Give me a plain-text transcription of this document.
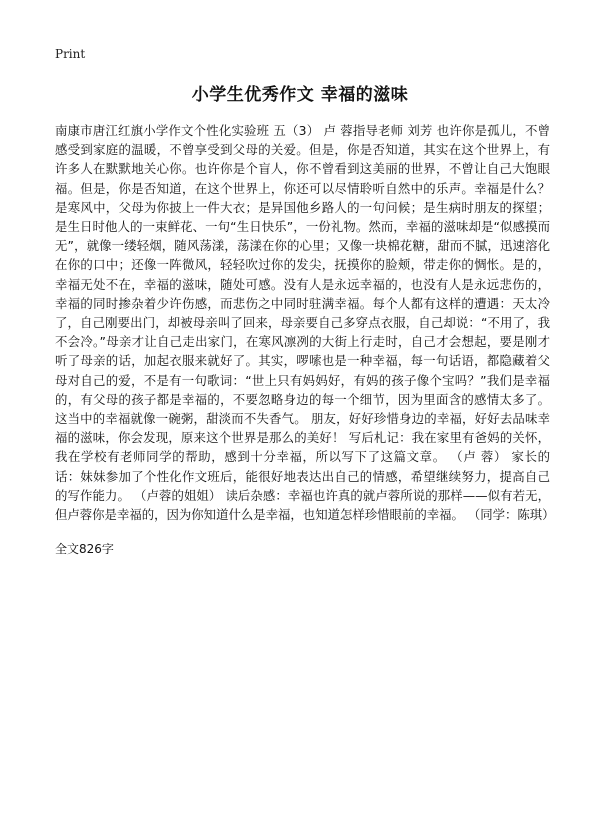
Print
小学生优秀作文 幸福的滋味

南康市唐江红旗小学作文个性化实验班 五（3） 卢 蓉指导老师 刘芳 也许你是孤儿，不曾感受到家庭的温暖，不曾享受到父母的关爱。但是，你是否知道，其实在这个世界上，有许多人在默默地关心你。也许你是个盲人，你不曾看到这美丽的世界，不曾让自己大饱眼福。但是，你是否知道，在这个世界上，你还可以尽情聆听自然中的乐声。幸福是什么？是寒风中，父母为你披上一件大衣；是异国他乡路人的一句问候；是生病时朋友的探望；是生日时他人的一束鲜花、一句“生日快乐”，一份礼物。然而，幸福的滋味却是“似感摸而无”，就像一缕轻烟，随风荡漾，荡漾在你的心里；又像一块棉花糖，甜而不腻，迅速溶化在你的口中；还像一阵微风，轻轻吹过你的发尖，抚摸你的脸颊，带走你的惆怅。是的，幸福无处不在，幸福的滋味，随处可感。没有人是永远幸福的，也没有人是永远悲伤的，幸福的同时掺杂着少许伤感，而悲伤之中同时驻满幸福。每个人都有这样的遭遇：天太冷了，自己刚要出门，却被母亲叫了回来，母亲要自己多穿点衣服，自己却说：“不用了，我不会冷。”母亲才让自己走出家门，在寒风凛冽的大街上行走时，自己才会想起，要是刚才听了母亲的话，加起衣服来就好了。其实，啰嗦也是一种幸福，每一句话语，都隐藏着父母对自己的爱，不是有一句歌词：“世上只有妈妈好，有妈的孩子像个宝吗？”我们是幸福的，有父母的孩子都是幸福的，不要忽略身边的每一个细节，因为里面含的感情太多了。这当中的幸福就像一碗粥，甜淡而不失香气。 朋友，好好珍惜身边的幸福，好好去品味幸福的滋味，你会发现，原来这个世界是那么的美好！ 写后札记：我在家里有爸妈的关怀，我在学校有老师同学的帮助，感到十分幸福，所以写下了这篇文章。 （卢 蓉） 家长的话：妹妹参加了个性化作文班后，能很好地表达出自己的情感，希望继续努力，提高自己的写作能力。 （卢蓉的姐姐） 读后杂感：幸福也许真的就卢蓉所说的那样——似有若无，但卢蓉你是幸福的，因为你知道什么是幸福，也知道怎样珍惜眼前的幸福。 （同学：陈琪）

全文826字
